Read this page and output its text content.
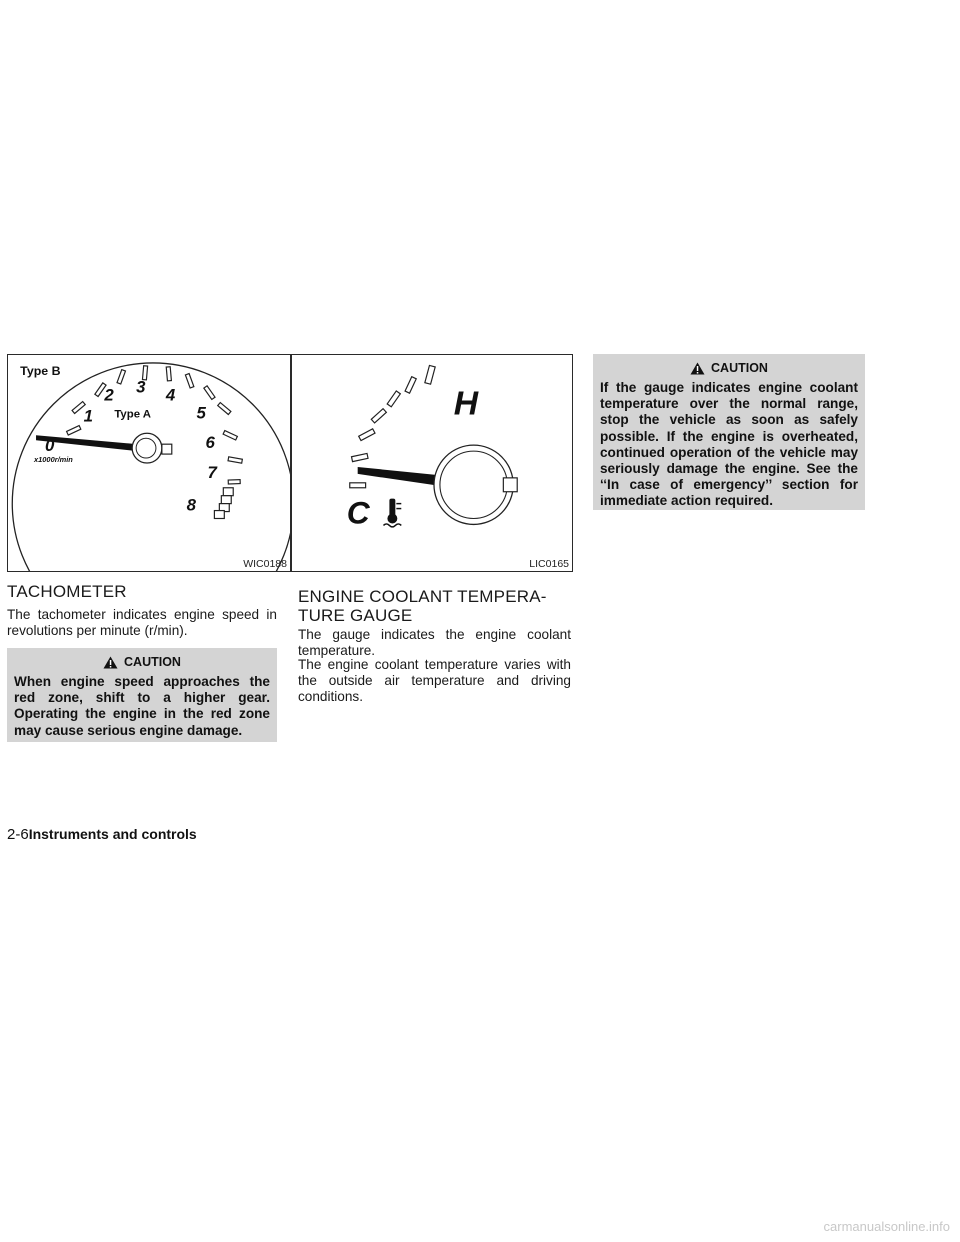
Type B
Type A
0
1
2 3 4
5
6
7
8
x1000r/min
WIC0188
TACHOMETER

The tachometer indicates engine speed in revolutions per minute (r/min).

CAUTION
When engine speed approaches the red zone, shift to a higher gear. Operating the engine in the red zone may cause serious engine damage.
H
C
LIC0165
ENGINE COOLANT TEMPERA-
TURE GAUGE

The gauge indicates the engine coolant temperature.

The engine coolant temperature varies with the outside air temperature and driving conditions.

CAUTION
If the gauge indicates engine coolant temperature over the normal range, stop the vehicle as soon as safely possible. If the engine is overheated, continued operation of the vehicle may seriously damage the engine. See the ‘‘In case of emergency’’ section for immediate action required.
2-6Instruments and controls
carmanualsonline.info
